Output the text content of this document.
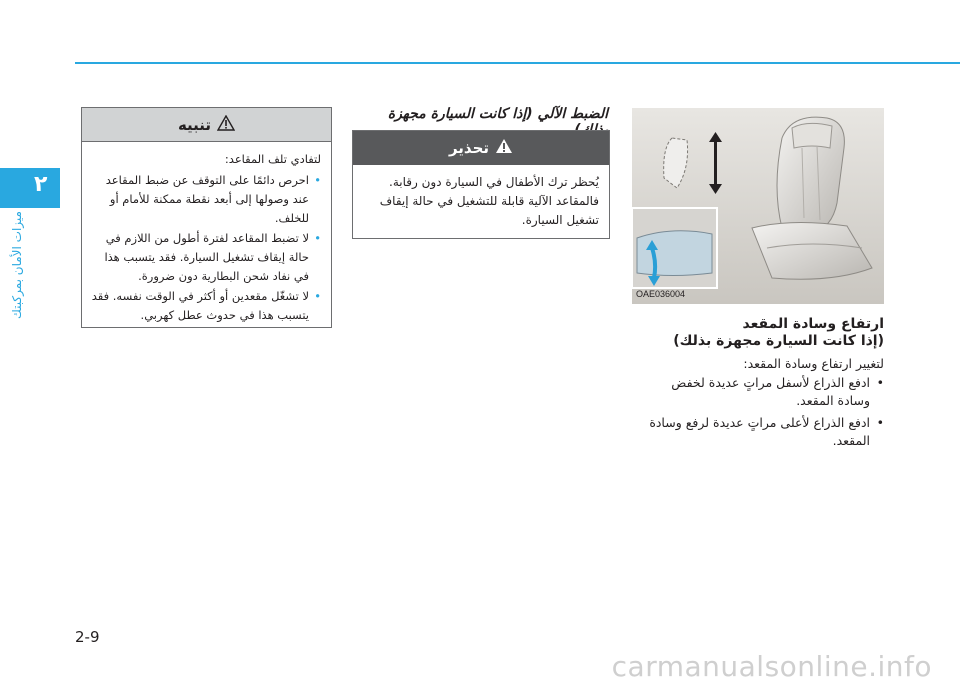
٢
ميزات الأمان بمركبتك	OAE036004
ارتفاع وسادة المقعد
(إذا كانت السيارة مجهزة بذلك)
لتغيير ارتفاع وسادة المقعد:
• ادفع الذراع لأسفل مراتٍ عديدة لخفض وسادة المقعد.
• ادفع الذراع لأعلى مراتٍ عديدة لرفع وسادة المقعد.
الضبط الآلي (إذا كانت السيارة مجهزة
تحذير
يُحظر ترك الأطفال في السيارة دون رقابة.
فالمقاعد الآلية قابلة للتشغيل في حالة إيقاف
تشغيل السيارة.
تنبيه
لتفادي تلف المقاعد:
• احرص دائمًا على التوقف عن ضبط المقاعد عند وصولها إلى أبعد نقطة ممكنة للأمام أو للخلف.
• لا تضبط المقاعد لفترة أطول من اللازم في حالة إيقاف تشغيل السيارة. فقد يتسبب هذا في نفاد شحن البطارية دون ضرورة.
• لا تشغّل مقعدين أو أكثر في الوقت نفسه. فقد يتسبب هذا في حدوث عطل كهربي.
2-9
carmanualsonline.info
